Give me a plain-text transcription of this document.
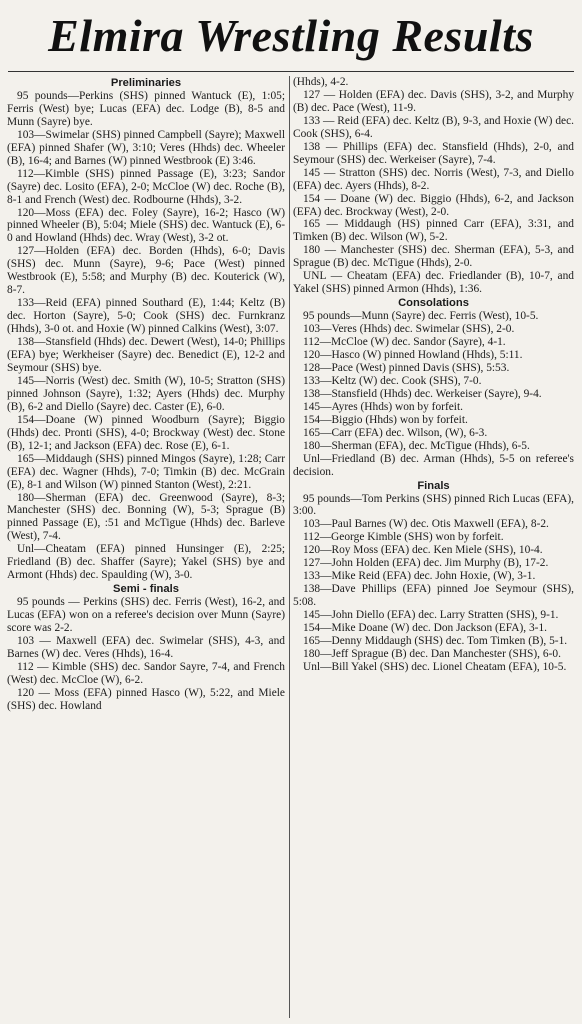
Elmira Wrestling Results
Preliminaries

95 pounds—Perkins (SHS) pinned Wantuck (E), 1:05; Ferris (West) bye; Lucas (EFA) dec. Lodge (B), 8-5 and Munn (Sayre) bye.

103—Swimelar (SHS) pinned Campbell (Sayre); Maxwell (EFA) pinned Shafer (W), 3:10; Veres (Hhds) dec. Wheeler (B), 16-4; and Barnes (W) pinned Westbrook (E) 3:46.

112—Kimble (SHS) pinned Passage (E), 3:23; Sandor (Sayre) dec. Losito (EFA), 2-0; McCloe (W) dec. Roche (B), 8-1 and French (West) dec. Rodbourne (Hhds), 3-2.

120—Moss (EFA) dec. Foley (Sayre), 16-2; Hasco (W) pinned Wheeler (B), 5:04; Miele (SHS) dec. Wantuck (E), 6-0 and Howland (Hhds) dec. Wray (West), 3-2 ot.

127—Holden (EFA) dec. Borden (Hhds), 6-0; Davis (SHS) dec. Munn (Sayre), 9-6; Pace (West) pinned Westbrook (E), 5:58; and Murphy (B) dec. Kouterick (W), 8-7.

133—Reid (EFA) pinned Southard (E), 1:44; Keltz (B) dec. Horton (Sayre), 5-0; Cook (SHS) dec. Furnkranz (Hhds), 3-0 ot. and Hoxie (W) pinned Calkins (West), 3:07.

138—Stansfield (Hhds) dec. Dewert (West), 14-0; Phillips (EFA) bye; Werkheiser (Sayre) dec. Benedict (E), 12-2 and Seymour (SHS) bye.

145—Norris (West) dec. Smith (W), 10-5; Stratton (SHS) pinned Johnson (Sayre), 1:32; Ayers (Hhds) dec. Murphy (B), 6-2 and Diello (Sayre) dec. Caster (E), 6-0.

154—Doane (W) pinned Woodburn (Sayre); Biggio (Hhds) dec. Pronti (SHS), 4-0; Brockway (West) dec. Stone (B), 12-1; and Jackson (EFA) dec. Rose (E), 6-1.

165—Middaugh (SHS) pinned Mingos (Sayre), 1:28; Carr (EFA) dec. Wagner (Hhds), 7-0; Timkin (B) dec. McGrain (E), 8-1 and Wilson (W) pinned Stanton (West), 2:21.

180—Sherman (EFA) dec. Greenwood (Sayre), 8-3; Manchester (SHS) dec. Bonning (W), 5-3; Sprague (B) pinned Passage (E), :51 and McTigue (Hhds) dec. Barleve (West), 7-4.

Unl—Cheatam (EFA) pinned Hunsinger (E), 2:25; Friedland (B) dec. Shaffer (Sayre); Yakel (SHS) bye and Armont (Hhds) dec. Spaulding (W), 3-0.

Semi - finals

95 pounds — Perkins (SHS) dec. Ferris (West), 16-2, and Lucas (EFA) won on a referee's decision over Munn (Sayre) score was 2-2.

103 — Maxwell (EFA) dec. Swimelar (SHS), 4-3, and Barnes (W) dec. Veres (Hhds), 16-4.

112 — Kimble (SHS) dec. Sandor Sayre, 7-4, and French (West) dec. McCloe (W), 6-2.

120 — Moss (EFA) pinned Hasco (W), 5:22, and Miele (SHS) dec. Howland

(Hhds), 4-2.

127 — Holden (EFA) dec. Davis (SHS), 3-2, and Murphy (B) dec. Pace (West), 11-9.

133 — Reid (EFA) dec. Keltz (B), 9-3, and Hoxie (W) dec. Cook (SHS), 6-4.

138 — Phillips (EFA) dec. Stansfield (Hhds), 2-0, and Seymour (SHS) dec. Werkeiser (Sayre), 7-4.

145 — Stratton (SHS) dec. Norris (West), 7-3, and Diello (EFA) dec. Ayers (Hhds), 8-2.

154 — Doane (W) dec. Biggio (Hhds), 6-2, and Jackson (EFA) dec. Brockway (West), 2-0.

165 — Middaugh (HS) pinned Carr (EFA), 3:31, and Timken (B) dec. Wilson (W), 5-2.

180 — Manchester (SHS) dec. Sherman (EFA), 5-3, and Sprague (B) dec. McTigue (Hhds), 2-0.

UNL — Cheatam (EFA) dec. Friedlander (B), 10-7, and Yakel (SHS) pinned Armon (Hhds), 1:36.

Consolations

95 pounds—Munn (Sayre) dec. Ferris (West), 10-5.

103—Veres (Hhds) dec. Swimelar (SHS), 2-0.

112—McCloe (W) dec. Sandor (Sayre), 4-1.

120—Hasco (W) pinned Howland (Hhds), 5:11.

128—Pace (West) pinned Davis (SHS), 5:53.

133—Keltz (W) dec. Cook (SHS), 7-0.

138—Stansfield (Hhds) dec. Werkeiser (Sayre), 9-4.

145—Ayres (Hhds) won by forfeit.

154—Biggio (Hhds) won by forfeit.

165—Carr (EFA) dec. Wilson, (W), 6-3.

180—Sherman (EFA), dec. McTigue (Hhds), 6-5.

Unl—Friedland (B) dec. Arman (Hhds), 5-5 on referee's decision.

Finals

95 pounds—Tom Perkins (SHS) pinned Rich Lucas (EFA), 3:00.

103—Paul Barnes (W) dec. Otis Maxwell (EFA), 8-2.

112—George Kimble (SHS) won by forfeit.

120—Roy Moss (EFA) dec. Ken Miele (SHS), 10-4.

127—John Holden (EFA) dec. Jim Murphy (B), 17-2.

133—Mike Reid (EFA) dec. John Hoxie, (W), 3-1.

138—Dave Phillips (EFA) pinned Joe Seymour (SHS), 5:08.

145—John Diello (EFA) dec. Larry Stratten (SHS), 9-1.

154—Mike Doane (W) dec. Don Jackson (EFA), 3-1.

165—Denny Middaugh (SHS) dec. Tom Timken (B), 5-1.

180—Jeff Sprague (B) dec. Dan Manchester (SHS), 6-0.

Unl—Bill Yakel (SHS) dec. Lionel Cheatam (EFA), 10-5.
